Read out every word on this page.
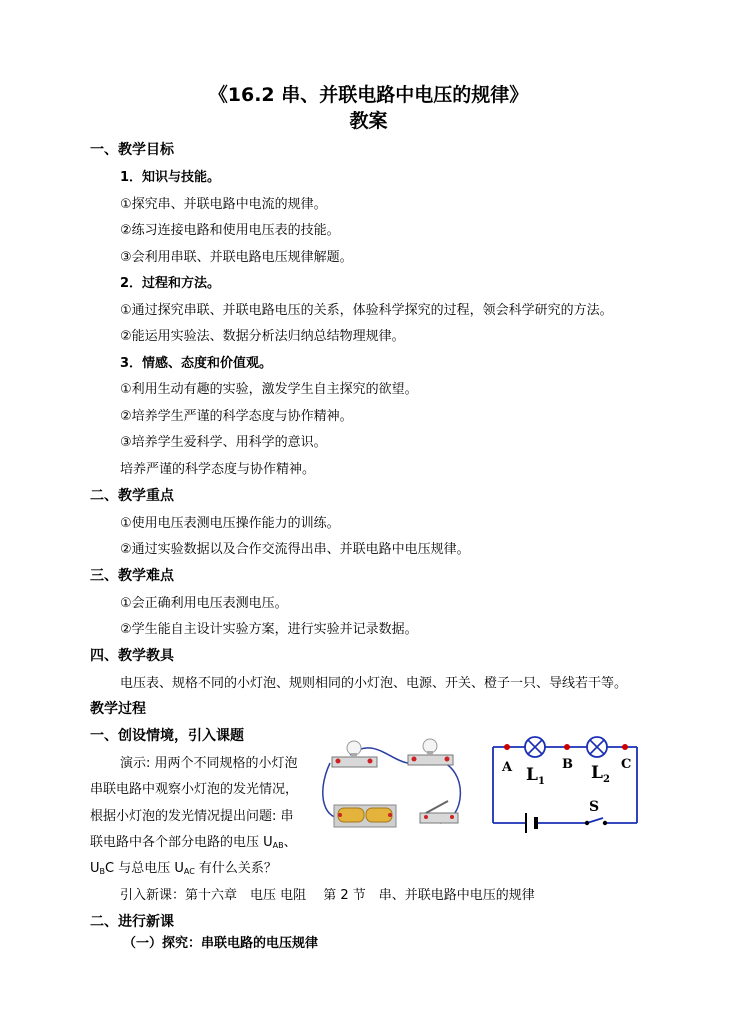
《16.2 串、并联电路中电压的规律》
教案
一、教学目标
1．知识与技能。
①探究串、并联电路中电流的规律。
②练习连接电路和使用电压表的技能。
③会利用串联、并联电路电压规律解题。
2．过程和方法。
①通过探究串联、并联电路电压的关系，体验科学探究的过程，领会科学研究的方法。
②能运用实验法、数据分析法归纳总结物理规律。
3．情感、态度和价值观。
①利用生动有趣的实验，激发学生自主探究的欲望。
②培养学生严谨的科学态度与协作精神。
③培养学生爱科学、用科学的意识。
培养严谨的科学态度与协作精神。
二、教学重点
①使用电压表测电压操作能力的训练。
②通过实验数据以及合作交流得出串、并联电路中电压规律。
三、教学难点
①会正确利用电压表测电压。
②学生能自主设计实验方案，进行实验并记录数据。
四、教学教具
电压表、规格不同的小灯泡、规则相同的小灯泡、电源、开关、橙子一只、导线若干等。
教学过程
一、创设情境，引入课题
演示: 用两个不同规格的小灯泡
串联电路中观察小灯泡的发光情况，
根据小灯泡的发光情况提出问题: 串
联电路中各个部分电路的电压 $U_{AB}$、
$U_BC$ 与总电压 $U_{AC}$ 有什么关系？
引入新课：第十六章　电压 电阻　 第 2 节　串、并联电路中电压的规律
二、进行新课
（一）探究：串联电路的电压规律
A	B	C
$L_1$	$L_2$
S
